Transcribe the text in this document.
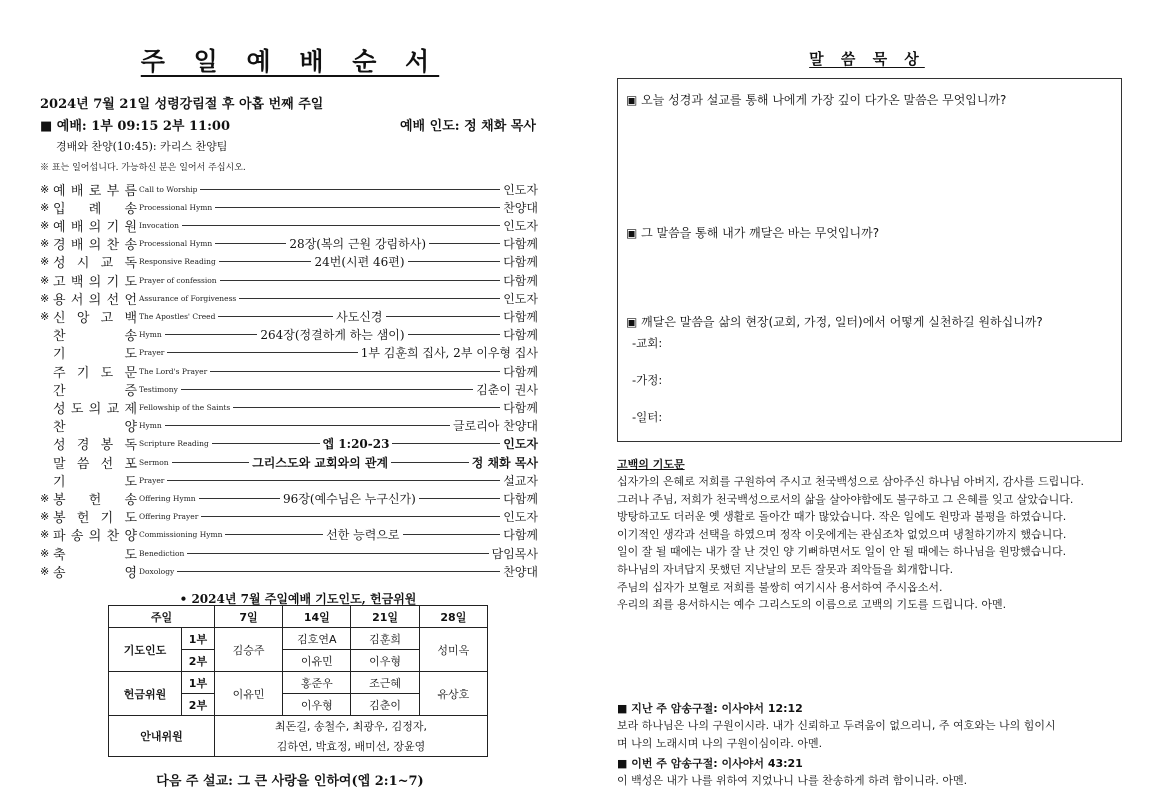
주 일 예 배 순 서
2024년 7월 21일 성령강림절 후 아홉 번째 주일
■ 예배: 1부 09:15 2부 11:00	예배 인도: 정 채화 목사
경배와 찬양(10:45): 카리스 찬양팀
※ 표는 일어섭니다. 가능하신 분은 일어서 주십시오.
※ 예 배 로 부 름 Call to Worship	인도자
※ 입 례 송 Processional Hymn	찬양대
※ 예 배 의 기 원 Invocation	인도자
※ 경 배 의 찬 송 Processional Hymn	28장(복의 근원 강림하사)	다함께
※ 성 시 교 독 Responsive Reading	24번(시편 46편)	다함께
※ 고 백 의 기 도 Prayer of confession	다함께
※ 용 서 의 선 언 Assurance of Forgiveness	인도자
※ 신 앙 고 백 The Apostles' Creed	사도신경	다함께
찬	송 Hymn	264장(정결하게 하는 샘이)	다함께
기	도 Prayer	1부 김훈희 집사, 2부 이우형 집사
주 기 도 문 The Lord's Prayer	다함께
간	증 Testimony	김춘이 권사
성 도 의 교 제 Fellowship of the Saints	다함께
찬	양 Hymn	글로리아 찬양대
성 경 봉 독 Scripture Reading	엡 1:20-23	인도자
말 씀 선 포 Sermon	그리스도와 교회와의 관계	정 채화 목사
기	도 Prayer	설교자
※ 봉 헌 송 Offering Hymn	96장(예수님은 누구신가)	다함께
※ 봉 헌 기 도 Offering Prayer	인도자
※ 파 송 의 찬 양 Commissioning Hymn	선한 능력으로	다함께
※ 축	도 Benediction	담임목사
※ 송	영 Doxology	찬양대
• 2024년 7월 주일예배 기도인도, 헌금위원
주일		7일	14일	21일	28일
기도인도	1부	김승주	김호연A	김훈희	성미옥
	2부		이유민	이우형	
헌금위원	1부	이유민	홍준우	조근혜	유상호
	2부		이우형	김춘이	
안내위원		최돈길, 송철수, 최광우, 김정자,			
		김하연, 박효정, 배미선, 장윤영			
다음 주 설교: 그 큰 사랑을 인하여(엡 2:1~7)
말 씀 묵 상
▣ 오늘 성경과 설교를 통해 나에게 가장 깊이 다가온 말씀은 무엇입니까?
▣ 그 말씀을 통해 내가 깨달은 바는 무엇입니까?
▣ 깨달은 말씀을 삶의 현장(교회, 가정, 일터)에서 어떻게 실천하길 원하십니까?
-교회:
-가정:
-일터:
고백의 기도문
십자가의 은혜로 저희를 구원하여 주시고 천국백성으로 삼아주신 하나님 아버지, 감사를 드립니다.
그러나 주님, 저희가 천국백성으로서의 삶을 살아야함에도 불구하고 그 은혜를 잊고 살았습니다.
방탕하고도 더러운 옛 생활로 돌아간 때가 많았습니다. 작은 일에도 원망과 불평을 하였습니다.
이기적인 생각과 선택을 하였으며 정작 이웃에게는 관심조차 없었으며 냉철하기까지 했습니다.
일이 잘 될 때에는 내가 잘 난 것인 양 기뻐하면서도 일이 안 될 때에는 하나님을 원망했습니다.
하나님의 자녀답지 못했던 지난날의 모든 잘못과 죄악들을 회개합니다.
주님의 십자가 보혈로 저희를 불쌍히 여기시사 용서하여 주시옵소서.
우리의 죄를 용서하시는 예수 그리스도의 이름으로 고백의 기도를 드립니다. 아멘.
■ 지난 주 암송구절: 이사야서 12:12
보라 하나님은 나의 구원이시라. 내가 신뢰하고 두려움이 없으리니, 주 여호와는 나의 힘이시
며 나의 노래시며 나의 구원이심이라. 아멘.
■ 이번 주 암송구절: 이사야서 43:21
이 백성은 내가 나를 위하여 지었나니 나를 찬송하게 하려 함이니라. 아멘.
